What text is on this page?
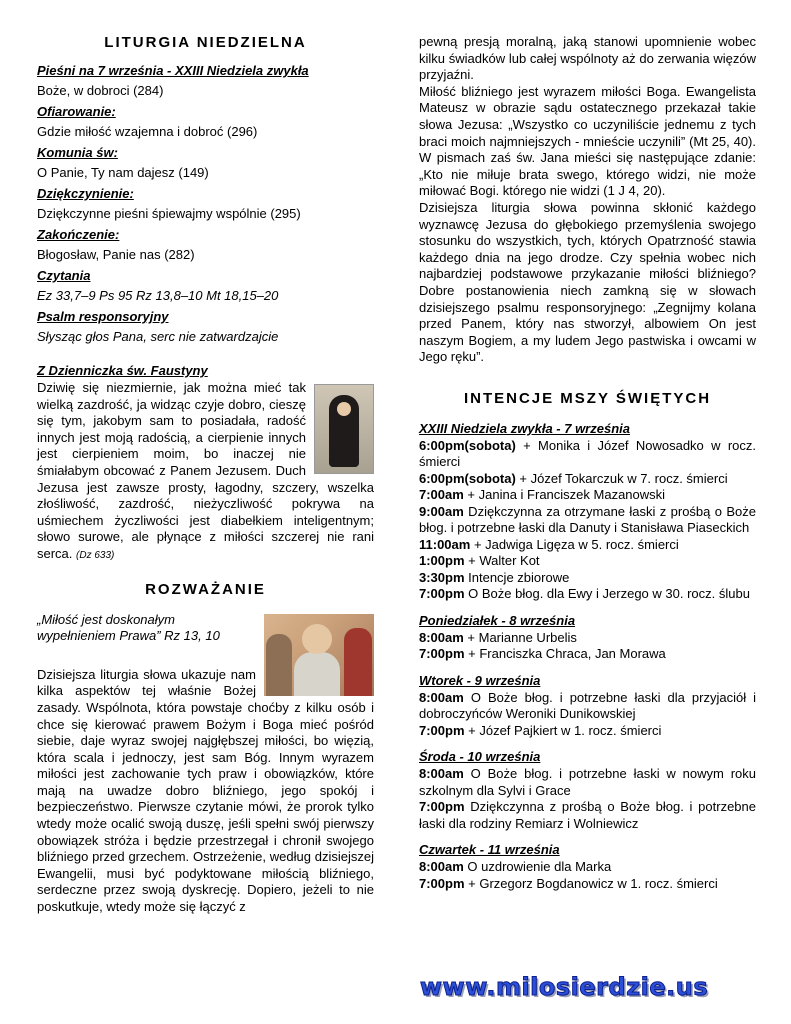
LITURGIA NIEDZIELNA

Pieśni na 7 września - XXIII Niedziela zwykła

Boże, w dobroci (284)

Ofiarowanie:

Gdzie miłość wzajemna i dobroć (296)

Komunia św:

O Panie, Ty nam dajesz (149)

Dziękczynienie:

Dziękczynne pieśni śpiewajmy wspólnie (295)

Zakończenie:

Błogosław, Panie nas (282)

Czytania

Ez 33,7–9 Ps 95 Rz 13,8–10 Mt 18,15–20

Psalm responsoryjny

Słysząc głos Pana, serc nie zatwardzajcie

Z Dzienniczka św. Faustyny

Dziwię się niezmiernie, jak można mieć tak wielką zazdrość, ja widząc czyje dobro, cieszę się tym, jakobym sam to posiadała, radość innych jest moją radością, a cierpienie innych jest cierpieniem moim, bo inaczej nie śmiałabym obcować z Panem Jezusem. Duch Jezusa jest zawsze prosty, łagodny, szczery, wszelka złośliwość, zazdrość, nieżyczliwość pokrywa na uśmiechem życzliwości jest diabełkiem inteligentnym; słowo surowe, ale płynące z miłości szczerej nie rani serca. (Dz 633)

ROZWAŻANIE

„Miłość jest doskonałym wypełnieniem Prawa” Rz 13, 10

Dzisiejsza liturgia słowa ukazuje nam kilka aspektów tej właśnie Bożej zasady. Wspólnota, która powstaje choćby z kilku osób i chce się kierować prawem Bożym i Boga mieć pośród siebie, daje wyraz swojej najgłębszej miłości, bo więzią, która scala i jednoczy, jest sam Bóg. Innym wyrazem miłości jest zachowanie tych praw i obowiązków, które mają na uwadze dobro bliźniego, jego spokój i bezpieczeństwo. Pierwsze czytanie mówi, że prorok tylko wtedy może ocalić swoją duszę, jeśli spełni swój pierwszy obowiązek stróża i będzie przestrzegał i chronił swojego bliźniego przed grzechem. Ostrzeżenie, według dzisiejszej Ewangelii, musi być podyktowane miłością bliźniego, serdeczne przez swoją dyskrecję. Dopiero, jeżeli to nie poskutkuje, wtedy może się łączyć z

pewną presją moralną, jaką stanowi upomnienie wobec kilku świadków lub całej wspólnoty aż do zerwania więzów przyjaźni.

Miłość bliźniego jest wyrazem miłości Boga. Ewangelista Mateusz w obrazie sądu ostatecznego przekazał takie słowa Jezusa: „Wszystko co uczyniliście jednemu z tych braci moich najmniejszych - mnieście uczynili” (Mt 25, 40). W pismach zaś św. Jana mieści się następujące zdanie: „Kto nie miłuje brata swego, którego widzi, nie może miłować Bogi. którego nie widzi (1 J 4, 20).

Dzisiejsza liturgia słowa powinna skłonić każdego wyznawcę Jezusa do głębokiego przemyślenia swojego stosunku do wszystkich, tych, których Opatrzność stawia każdego dnia na jego drodze. Czy spełnia wobec nich najbardziej podstawowe przykazanie miłości bliźniego? Dobre postanowienia niech zamkną się w słowach dzisiejszego psalmu responsoryjnego: „Zegnijmy kolana przed Panem, który nas stworzył, albowiem On jest naszym Bogiem, a my ludem Jego pastwiska i owcami w Jego ręku”.

INTENCJE MSZY ŚWIĘTYCH

XXIII Niedziela zwykła - 7 września

6:00pm(sobota) + Monika i Józef Nowosadko w rocz. śmierci

6:00pm(sobota) + Józef Tokarczuk w 7. rocz. śmierci

7:00am + Janina i Franciszek Mazanowski

9:00am Dziękczynna za otrzymane łaski z prośbą o Boże błog. i potrzebne łaski dla Danuty i Stanisława Piaseckich

11:00am + Jadwiga Ligęza w 5. rocz. śmierci

1:00pm + Walter Kot

3:30pm Intencje zbiorowe

7:00pm O Boże błog. dla Ewy i Jerzego w 30. rocz. ślubu

Poniedziałek - 8 września

8:00am + Marianne Urbelis

7:00pm + Franciszka Chraca, Jan Morawa

Wtorek - 9 września

8:00am O Boże błog. i potrzebne łaski dla przyjaciół i dobroczyńców Weroniki Dunikowskiej

7:00pm + Józef Pajkiert w 1. rocz. śmierci

Środa - 10 września

8:00am O Boże błog. i potrzebne łaski w nowym roku szkolnym dla Sylvi i Grace

7:00pm Dziękczynna z prośbą o Boże błog. i potrzebne łaski dla rodziny Remiarz i Wolniewicz

Czwartek - 11 września

8:00am O uzdrowienie dla Marka

7:00pm + Grzegorz Bogdanowicz w 1. rocz. śmierci

www.milosierdzie.us
